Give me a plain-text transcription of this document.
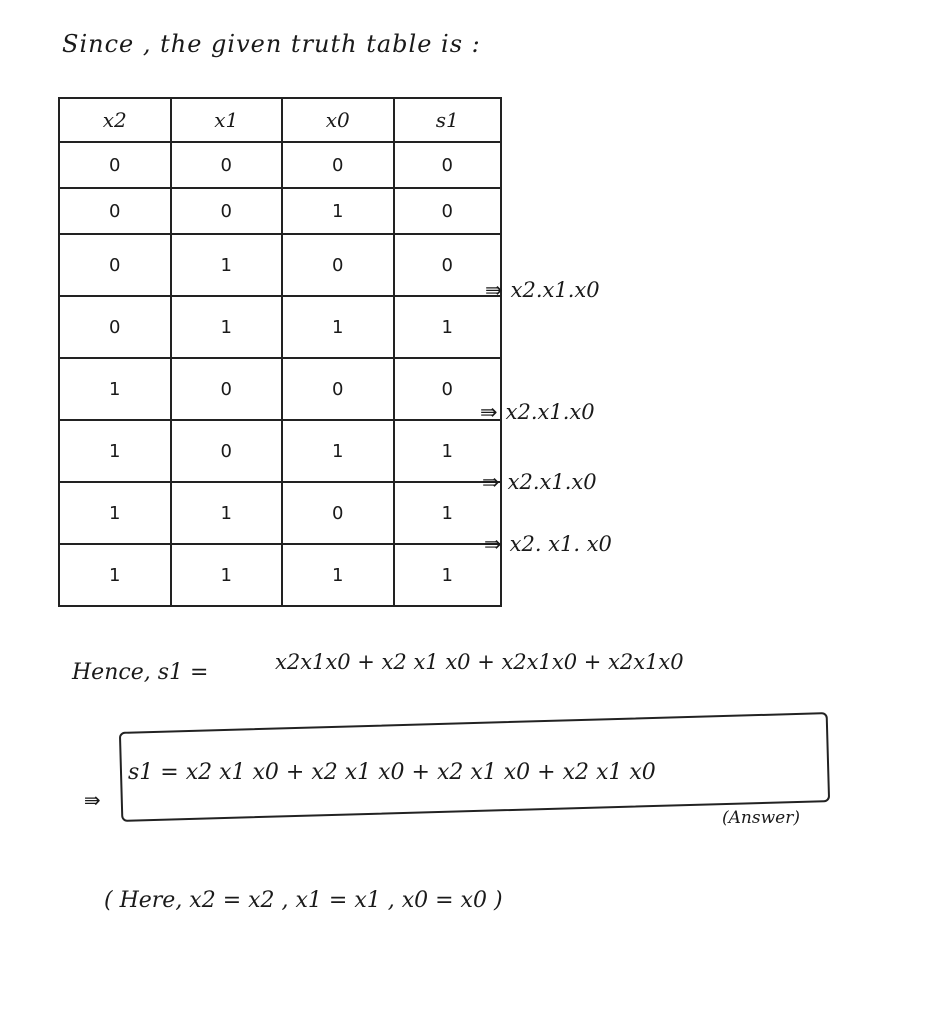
Since , the given truth table is :
x2	x1	x0	s1
0	0	0	0
0	0	1	0
0	1	0	0
0	1	1	1
1	0	0	0
1	0	1	1
1	1	0	1
1	1	1	1
⇛ x2.x1.x0
⇛ x2.x1.x0
⇛ x2.x1.x0
⇛ x2. x1. x0
Hence, s1 =	x2x1x0 + x2 x1 x0 + x2x1x0 + x2x1x0
⇛
s1 = x2 x1 x0 + x2 x1 x0 + x2 x1 x0 + x2 x1 x0
(Answer)
( Here, x2 = x2 , x1 = x1 , x0 = x0 )
